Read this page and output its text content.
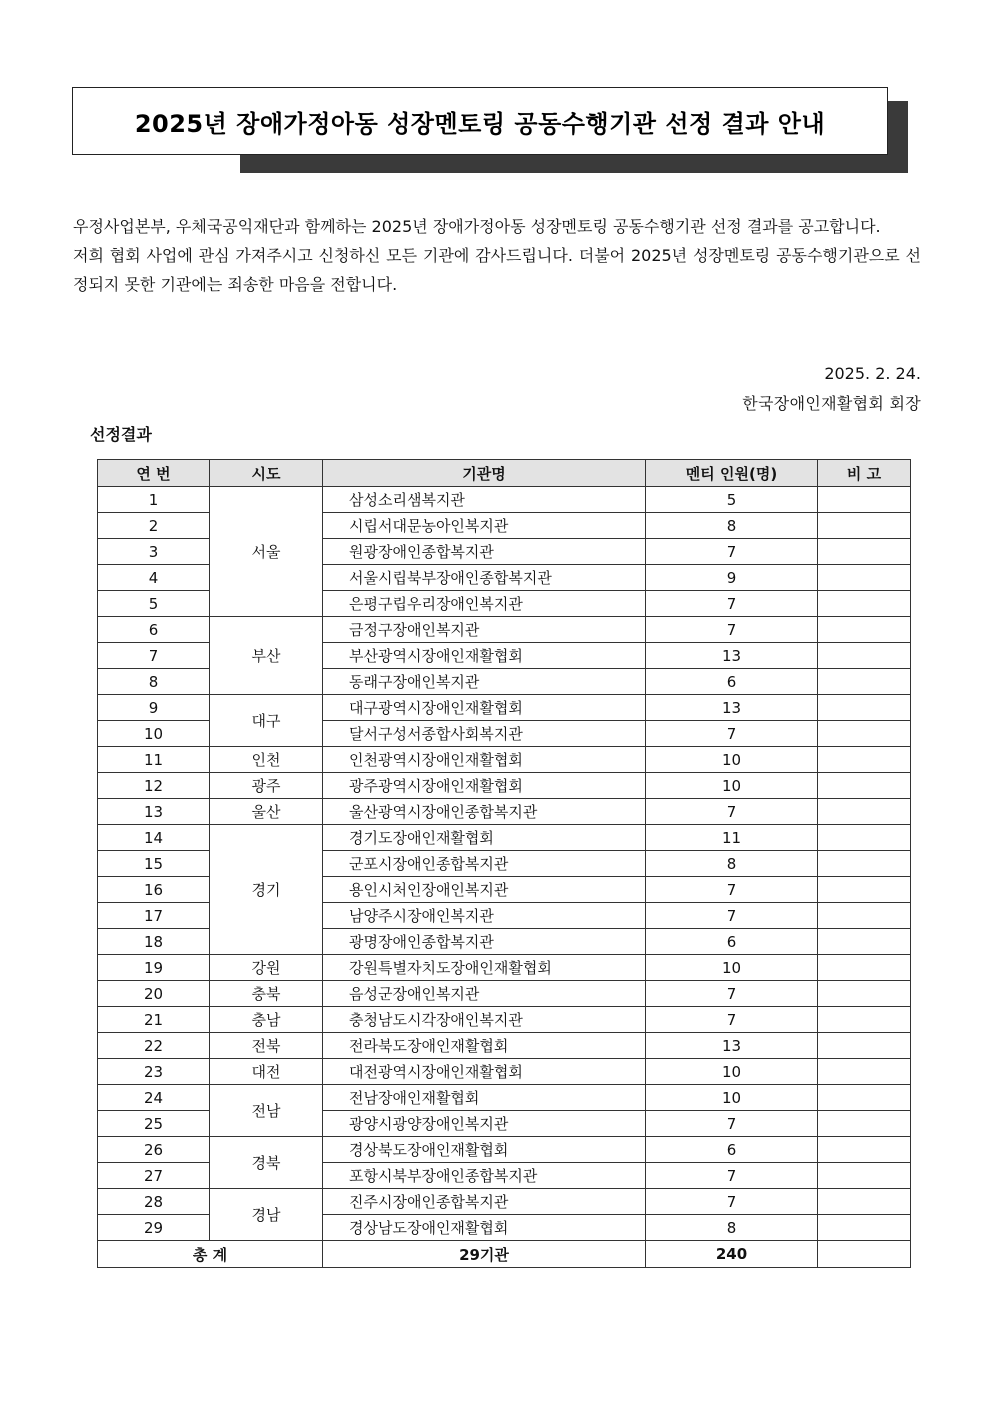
2025년 장애가정아동 성장멘토링 공동수행기관 선정 결과 안내

우정사업본부, 우체국공익재단과 함께하는 2025년 장애가정아동 성장멘토링 공동수행기관 선정 결과를 공고합니다.

저희 협회 사업에 관심 가져주시고 신청하신 모든 기관에 감사드립니다. 더불어 2025년 성장멘토링 공동수행기관으로 선정되지 못한 기관에는 죄송한 마음을 전합니다.

2025. 2. 24.
한국장애인재활협회 회장
선정결과
연 번	시도	기관명	멘티 인원(명)	비 고
1	서울	삼성소리샘복지관	5	
2		시립서대문농아인복지관	8	
3		원광장애인종합복지관	7	
4		서울시립북부장애인종합복지관	9	
5		은평구립우리장애인복지관	7	
6	부산	금정구장애인복지관	7	
7		부산광역시장애인재활협회	13	
8		동래구장애인복지관	6	
9	대구	대구광역시장애인재활협회	13	
10		달서구성서종합사회복지관	7	
11	인천	인천광역시장애인재활협회	10	
12	광주	광주광역시장애인재활협회	10	
13	울산	울산광역시장애인종합복지관	7	
14	경기	경기도장애인재활협회	11	
15		군포시장애인종합복지관	8	
16		용인시처인장애인복지관	7	
17		남양주시장애인복지관	7	
18		광명장애인종합복지관	6	
19	강원	강원특별자치도장애인재활협회	10	
20	충북	음성군장애인복지관	7	
21	충남	충청남도시각장애인복지관	7	
22	전북	전라북도장애인재활협회	13	
23	대전	대전광역시장애인재활협회	10	
24	전남	전남장애인재활협회	10	
25		광양시광양장애인복지관	7	
26	경북	경상북도장애인재활협회	6	
27		포항시북부장애인종합복지관	7	
28	경남	진주시장애인종합복지관	7	
29		경상남도장애인재활협회	8	
총 계		29기관	240	
